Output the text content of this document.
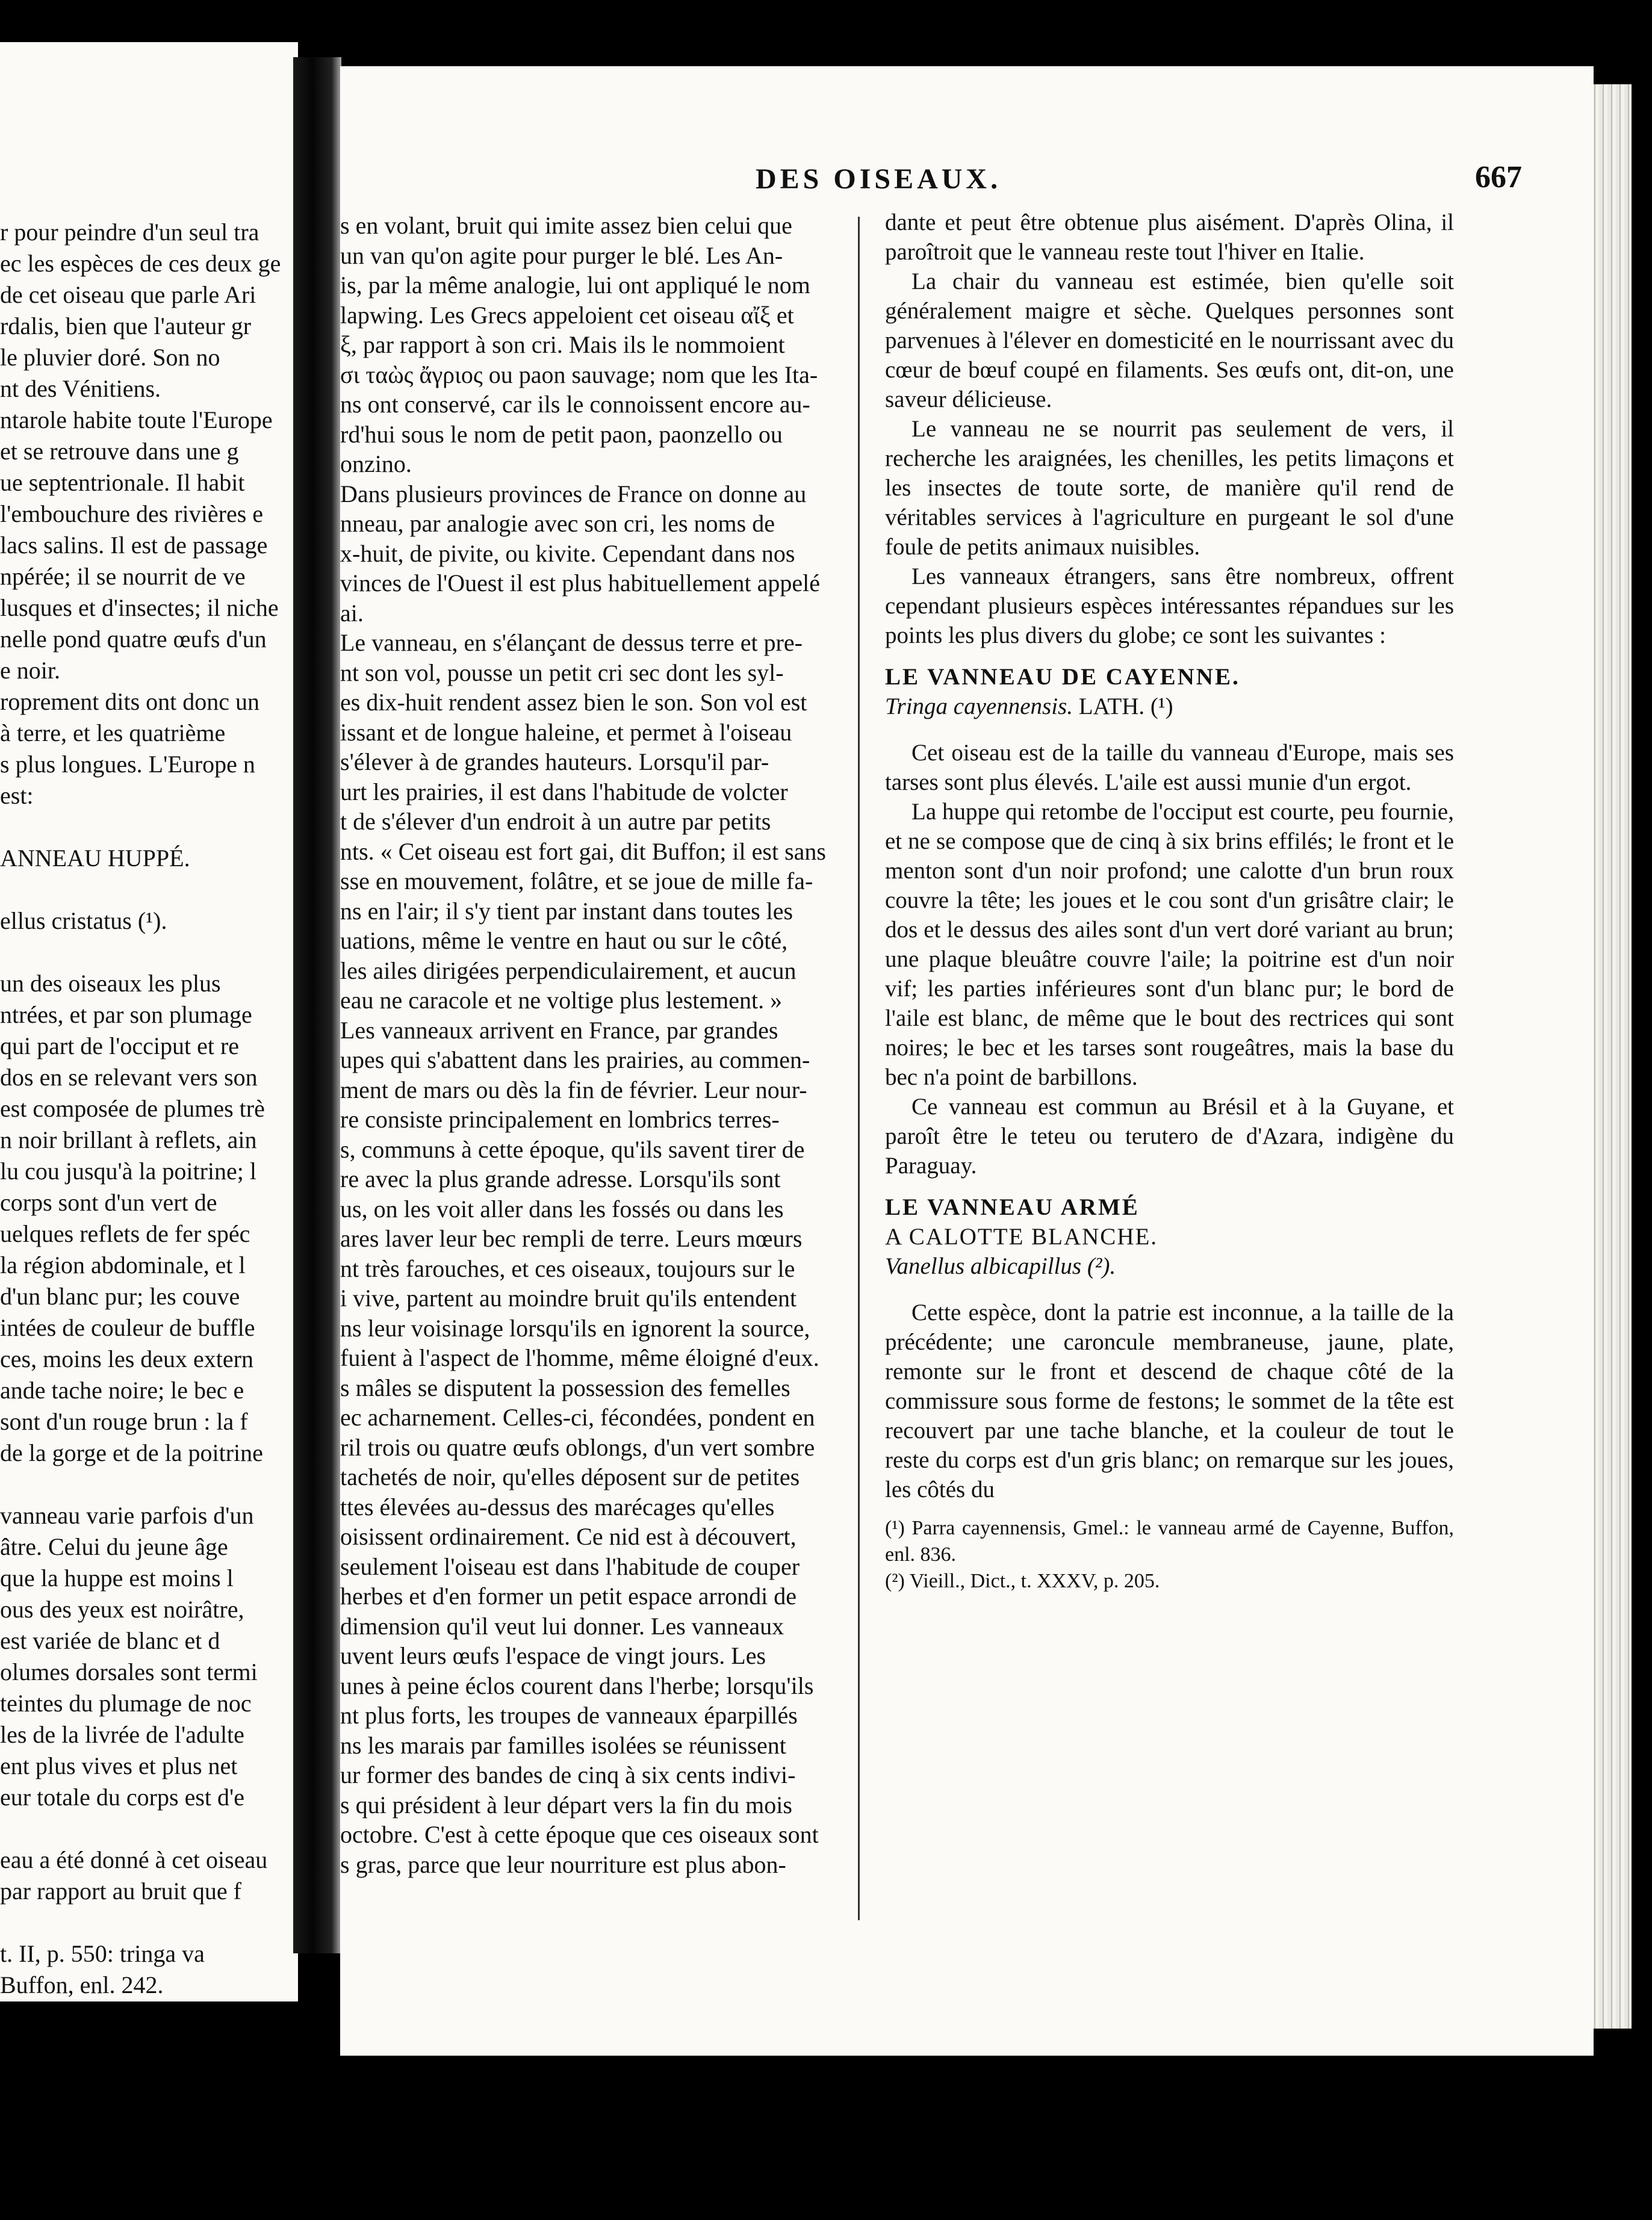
r pour peindre d'un seul tra

ec les espèces de ces deux ge

de cet oiseau que parle Ari

rdalis, bien que l'auteur gr

le pluvier doré. Son no

nt des Vénitiens.

ntarole habite toute l'Europe

et se retrouve dans une g

ue septentrionale. Il habit

l'embouchure des rivières e

lacs salins. Il est de passage

npérée; il se nourrit de ve

lusques et d'insectes; il niche

nelle pond quatre œufs d'un

e noir.

roprement dits ont donc un

à terre, et les quatrième

s plus longues. L'Europe n

est:

ANNEAU HUPPÉ.

ellus cristatus (¹).

un des oiseaux les plus

ntrées, et par son plumage

qui part de l'occiput et re

dos en se relevant vers son

est composée de plumes trè

n noir brillant à reflets, ain

lu cou jusqu'à la poitrine; l

corps sont d'un vert de

uelques reflets de fer spéc

la région abdominale, et l

d'un blanc pur; les couve

intées de couleur de buffle

ces, moins les deux extern

ande tache noire; le bec e

sont d'un rouge brun : la f

de la gorge et de la poitrine

vanneau varie parfois d'un

âtre. Celui du jeune âge

que la huppe est moins l

ous des yeux est noirâtre,

est variée de blanc et d

olumes dorsales sont termi

teintes du plumage de noc

les de la livrée de l'adulte

ent plus vives et plus net

eur totale du corps est d'e

eau a été donné à cet oiseau

par rapport au bruit que f

t. II, p. 550: tringa va

Buffon, enl. 242.

DES OISEAUX.	667

s en volant, bruit qui imite assez bien celui que

un van qu'on agite pour purger le blé. Les An-

is, par la même analogie, lui ont appliqué le nom

lapwing. Les Grecs appeloient cet oiseau αἴξ et

ξ, par rapport à son cri. Mais ils le nommoient

σι ταὼς ἄγριος ou paon sauvage; nom que les Ita-

ns ont conservé, car ils le connoissent encore au-

rd'hui sous le nom de petit paon, paonzello ou

onzino.

Dans plusieurs provinces de France on donne au

nneau, par analogie avec son cri, les noms de

x-huit, de pivite, ou kivite. Cependant dans nos

vinces de l'Ouest il est plus habituellement appelé

ai.

Le vanneau, en s'élançant de dessus terre et pre-

nt son vol, pousse un petit cri sec dont les syl-

es dix-huit rendent assez bien le son. Son vol est

issant et de longue haleine, et permet à l'oiseau

s'élever à de grandes hauteurs. Lorsqu'il par-

urt les prairies, il est dans l'habitude de volcter

t de s'élever d'un endroit à un autre par petits

nts. « Cet oiseau est fort gai, dit Buffon; il est sans

sse en mouvement, folâtre, et se joue de mille fa-

ns en l'air; il s'y tient par instant dans toutes les

uations, même le ventre en haut ou sur le côté,

les ailes dirigées perpendiculairement, et aucun

eau ne caracole et ne voltige plus lestement. »

Les vanneaux arrivent en France, par grandes

upes qui s'abattent dans les prairies, au commen-

ment de mars ou dès la fin de février. Leur nour-

re consiste principalement en lombrics terres-

s, communs à cette époque, qu'ils savent tirer de

re avec la plus grande adresse. Lorsqu'ils sont

us, on les voit aller dans les fossés ou dans les

ares laver leur bec rempli de terre. Leurs mœurs

nt très farouches, et ces oiseaux, toujours sur le

i vive, partent au moindre bruit qu'ils entendent

ns leur voisinage lorsqu'ils en ignorent la source,

fuient à l'aspect de l'homme, même éloigné d'eux.

s mâles se disputent la possession des femelles

ec acharnement. Celles-ci, fécondées, pondent en

ril trois ou quatre œufs oblongs, d'un vert sombre

tachetés de noir, qu'elles déposent sur de petites

ttes élevées au-dessus des marécages qu'elles

oisissent ordinairement. Ce nid est à découvert,

seulement l'oiseau est dans l'habitude de couper

herbes et d'en former un petit espace arrondi de

dimension qu'il veut lui donner. Les vanneaux

uvent leurs œufs l'espace de vingt jours. Les

unes à peine éclos courent dans l'herbe; lorsqu'ils

nt plus forts, les troupes de vanneaux éparpillés

ns les marais par familles isolées se réunissent

ur former des bandes de cinq à six cents indivi-

s qui président à leur départ vers la fin du mois

octobre. C'est à cette époque que ces oiseaux sont

s gras, parce que leur nourriture est plus abon-

dante et peut être obtenue plus aisément. D'après Olina, il paroîtroit que le vanneau reste tout l'hiver en Italie.

La chair du vanneau est estimée, bien qu'elle soit généralement maigre et sèche. Quelques personnes sont parvenues à l'élever en domesticité en le nourrissant avec du cœur de bœuf coupé en filaments. Ses œufs ont, dit-on, une saveur délicieuse.

Le vanneau ne se nourrit pas seulement de vers, il recherche les araignées, les chenilles, les petits limaçons et les insectes de toute sorte, de manière qu'il rend de véritables services à l'agriculture en purgeant le sol d'une foule de petits animaux nuisibles.

Les vanneaux étrangers, sans être nombreux, offrent cependant plusieurs espèces intéressantes répandues sur les points les plus divers du globe; ce sont les suivantes :

LE VANNEAU DE CAYENNE.

Tringa cayennensis. LATH. (¹)

Cet oiseau est de la taille du vanneau d'Europe, mais ses tarses sont plus élevés. L'aile est aussi munie d'un ergot.

La huppe qui retombe de l'occiput est courte, peu fournie, et ne se compose que de cinq à six brins effilés; le front et le menton sont d'un noir profond; une calotte d'un brun roux couvre la tête; les joues et le cou sont d'un grisâtre clair; le dos et le dessus des ailes sont d'un vert doré variant au brun; une plaque bleuâtre couvre l'aile; la poitrine est d'un noir vif; les parties inférieures sont d'un blanc pur; le bord de l'aile est blanc, de même que le bout des rectrices qui sont noires; le bec et les tarses sont rougeâtres, mais la base du bec n'a point de barbillons.

Ce vanneau est commun au Brésil et à la Guyane, et paroît être le teteu ou terutero de d'Azara, indigène du Paraguay.

LE VANNEAU ARMÉ

A CALOTTE BLANCHE.

Vanellus albicapillus (²).

Cette espèce, dont la patrie est inconnue, a la taille de la précédente; une caroncule membraneuse, jaune, plate, remonte sur le front et descend de chaque côté de la commissure sous forme de festons; le sommet de la tête est recouvert par une tache blanche, et la couleur de tout le reste du corps est d'un gris blanc; on remarque sur les joues, les côtés du

(¹) Parra cayennensis, Gmel.: le vanneau armé de Cayenne, Buffon, enl. 836.

(²) Vieill., Dict., t. XXXV, p. 205.
